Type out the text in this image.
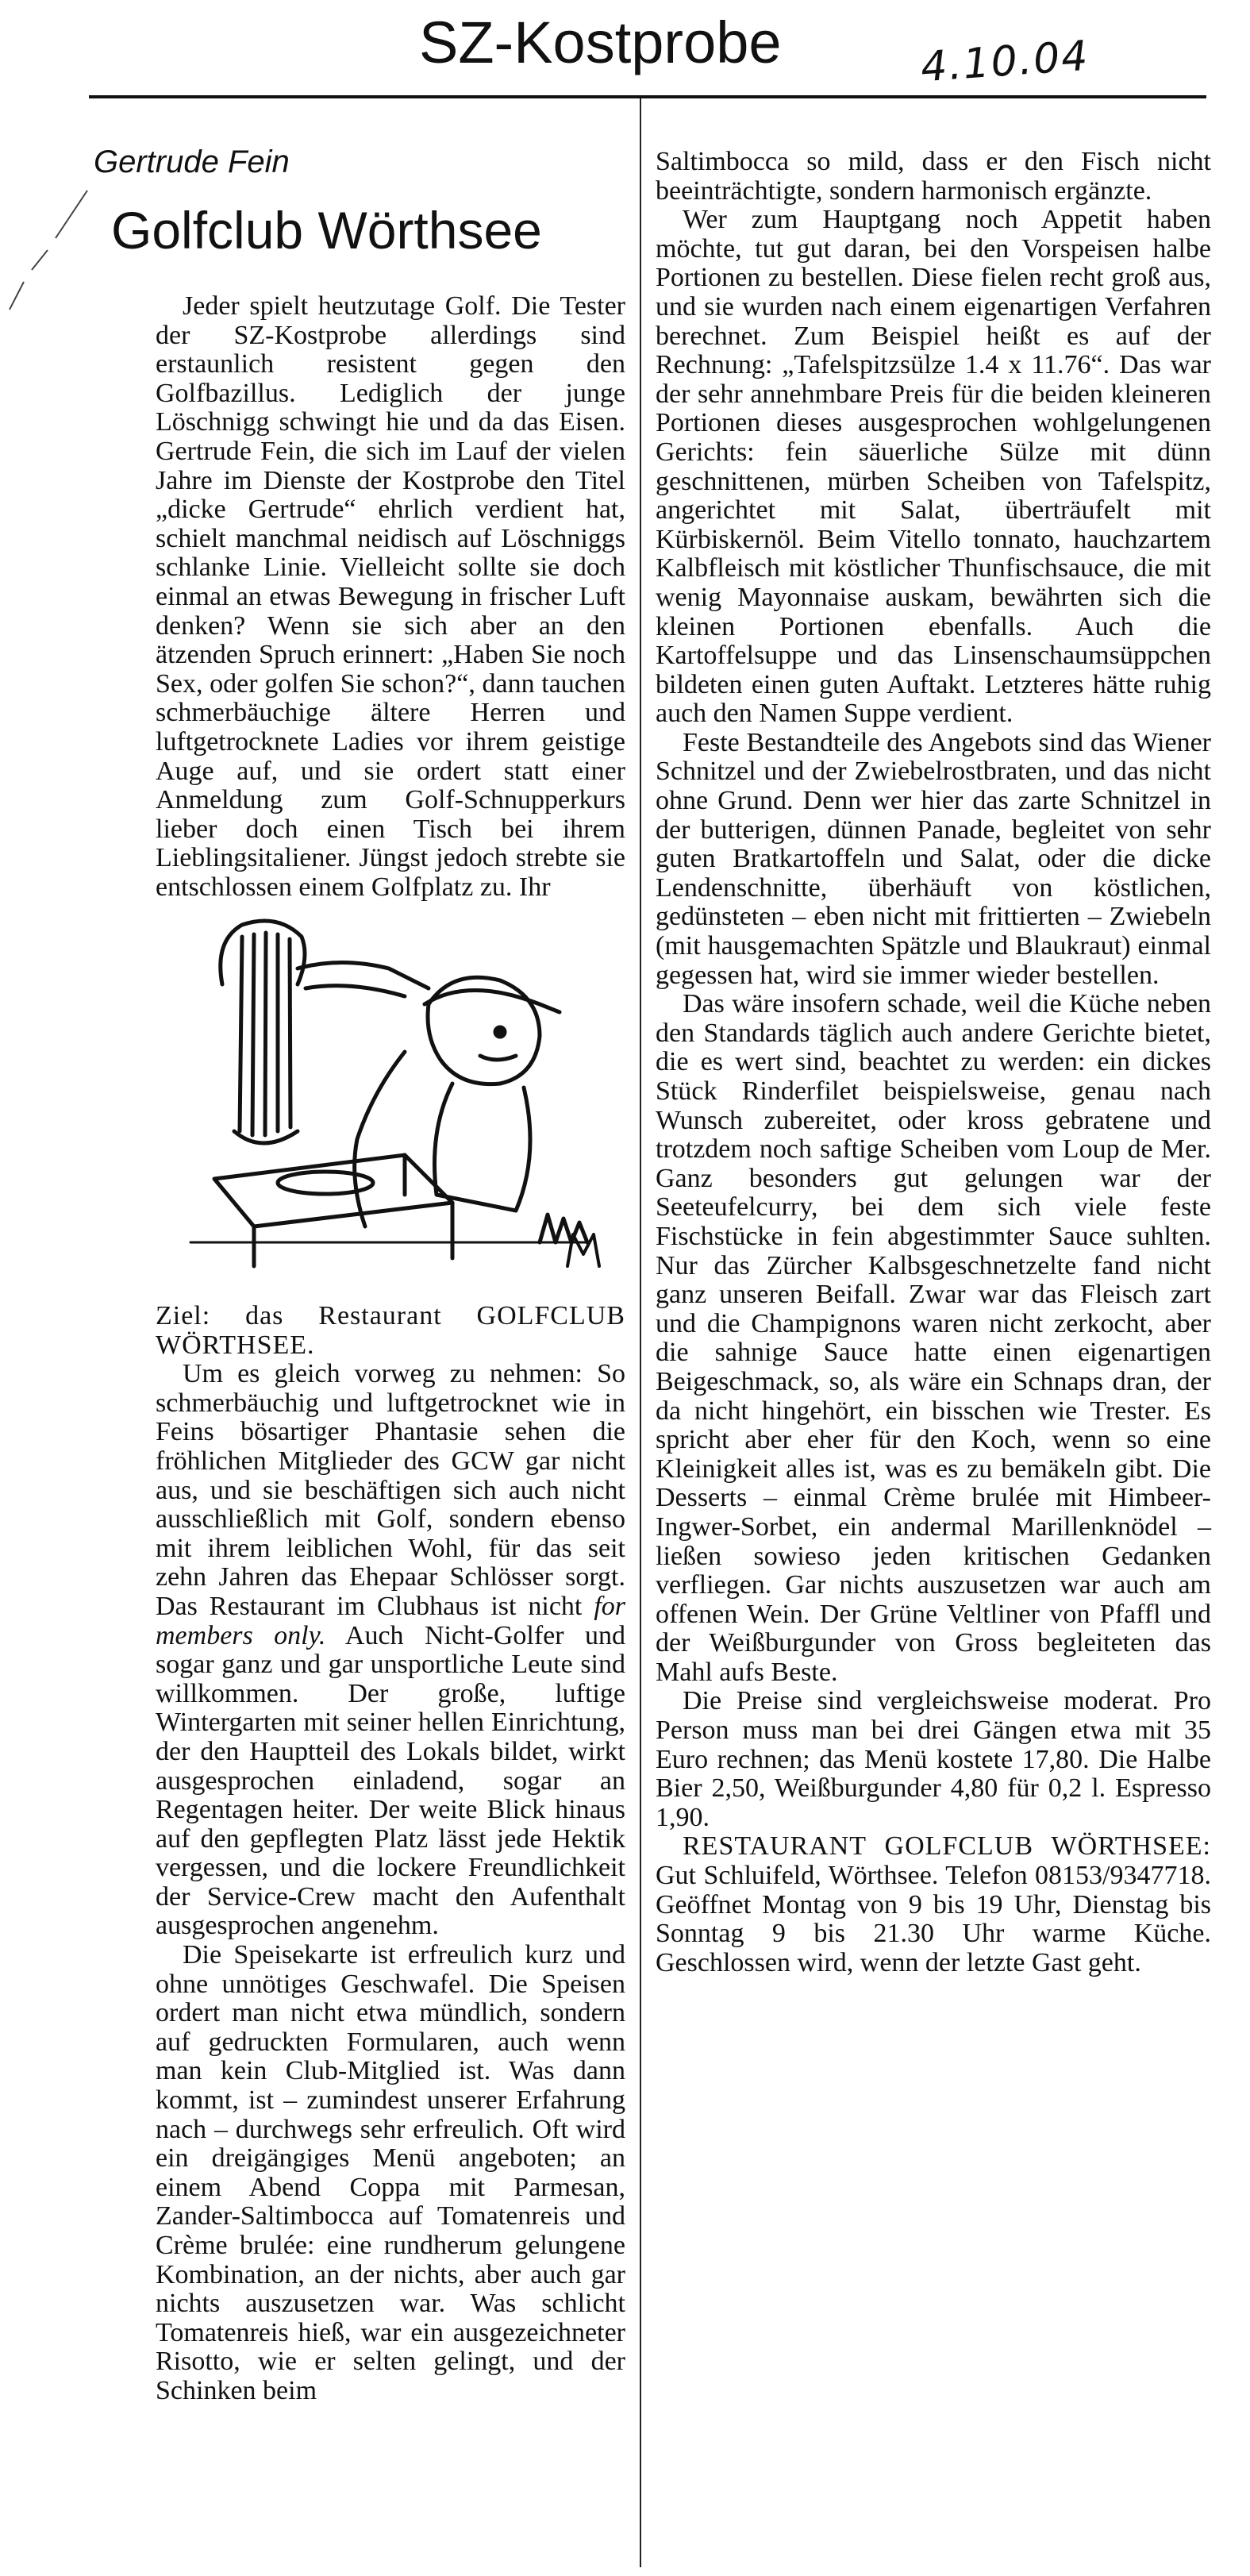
SZ-Kostprobe	4.10.04
Gertrude Fein
Golfclub Wörthsee

Jeder spielt heutzutage Golf. Die Tester der SZ-Kostprobe allerdings sind erstaunlich resistent gegen den Golfbazillus. Lediglich der junge Löschnigg schwingt hie und da das Eisen. Gertrude Fein, die sich im Lauf der vielen Jahre im Dienste der Kostprobe den Titel „dicke Gertrude“ ehrlich verdient hat, schielt manchmal neidisch auf Löschniggs schlanke Linie. Vielleicht sollte sie doch einmal an etwas Bewegung in frischer Luft denken? Wenn sie sich aber an den ätzenden Spruch erinnert: „Haben Sie noch Sex, oder golfen Sie schon?“, dann tauchen schmerbäuchige ältere Herren und luftgetrocknete Ladies vor ihrem geistige Auge auf, und sie ordert statt einer Anmeldung zum Golf-Schnupperkurs lieber doch einen Tisch bei ihrem Lieblingsitaliener. Jüngst jedoch strebte sie entschlossen einem Golfplatz zu. Ihr

Ziel: das Restaurant GOLFCLUB WÖRTHSEE.

Um es gleich vorweg zu nehmen: So schmerbäuchig und luftgetrocknet wie in Feins bösartiger Phantasie sehen die fröhlichen Mitglieder des GCW gar nicht aus, und sie beschäftigen sich auch nicht ausschließlich mit Golf, sondern ebenso mit ihrem leiblichen Wohl, für das seit zehn Jahren das Ehepaar Schlösser sorgt. Das Restaurant im Clubhaus ist nicht for members only. Auch Nicht-Golfer und sogar ganz und gar unsportliche Leute sind willkommen. Der große, luftige Wintergarten mit seiner hellen Einrichtung, der den Hauptteil des Lokals bildet, wirkt ausgesprochen einladend, sogar an Regentagen heiter. Der weite Blick hinaus auf den gepflegten Platz lässt jede Hektik vergessen, und die lockere Freundlichkeit der Service-Crew macht den Aufenthalt ausgesprochen angenehm.

Die Speisekarte ist erfreulich kurz und ohne unnötiges Geschwafel. Die Speisen ordert man nicht etwa mündlich, sondern auf gedruckten Formularen, auch wenn man kein Club-Mitglied ist. Was dann kommt, ist – zumindest unserer Erfahrung nach – durchwegs sehr erfreulich. Oft wird ein dreigängiges Menü angeboten; an einem Abend Coppa mit Parmesan, Zander-Saltimbocca auf Tomatenreis und Crème brulée: eine rundherum gelungene Kombination, an der nichts, aber auch gar nichts auszusetzen war. Was schlicht Tomatenreis hieß, war ein ausgezeichneter Risotto, wie er selten gelingt, und der Schinken beim

Saltimbocca so mild, dass er den Fisch nicht beeinträchtigte, sondern harmonisch ergänzte.

Wer zum Hauptgang noch Appetit haben möchte, tut gut daran, bei den Vorspeisen halbe Portionen zu bestellen. Diese fielen recht groß aus, und sie wurden nach einem eigenartigen Verfahren berechnet. Zum Beispiel heißt es auf der Rechnung: „Tafelspitzsülze 1.4 x 11.76“. Das war der sehr annehmbare Preis für die beiden kleineren Portionen dieses ausgesprochen wohlgelungenen Gerichts: fein säuerliche Sülze mit dünn geschnittenen, mürben Scheiben von Tafelspitz, angerichtet mit Salat, überträufelt mit Kürbiskernöl. Beim Vitello tonnato, hauchzartem Kalbfleisch mit köstlicher Thunfischsauce, die mit wenig Mayonnaise auskam, bewährten sich die kleinen Portionen ebenfalls. Auch die Kartoffelsuppe und das Linsenschaumsüppchen bildeten einen guten Auftakt. Letzteres hätte ruhig auch den Namen Suppe verdient.

Feste Bestandteile des Angebots sind das Wiener Schnitzel und der Zwiebelrostbraten, und das nicht ohne Grund. Denn wer hier das zarte Schnitzel in der butterigen, dünnen Panade, begleitet von sehr guten Bratkartoffeln und Salat, oder die dicke Lendenschnitte, überhäuft von köstlichen, gedünsteten – eben nicht mit frittierten – Zwiebeln (mit hausgemachten Spätzle und Blaukraut) einmal gegessen hat, wird sie immer wieder bestellen.

Das wäre insofern schade, weil die Küche neben den Standards täglich auch andere Gerichte bietet, die es wert sind, beachtet zu werden: ein dickes Stück Rinderfilet beispielsweise, genau nach Wunsch zubereitet, oder kross gebratene und trotzdem noch saftige Scheiben vom Loup de Mer. Ganz besonders gut gelungen war der Seeteufelcurry, bei dem sich viele feste Fischstücke in fein abgestimmter Sauce suhlten. Nur das Zürcher Kalbsgeschnetzelte fand nicht ganz unseren Beifall. Zwar war das Fleisch zart und die Champignons waren nicht zerkocht, aber die sahnige Sauce hatte einen eigenartigen Beigeschmack, so, als wäre ein Schnaps dran, der da nicht hingehört, ein bisschen wie Trester. Es spricht aber eher für den Koch, wenn so eine Kleinigkeit alles ist, was es zu bemäkeln gibt. Die Desserts – einmal Crème brulée mit Himbeer-Ingwer-Sorbet, ein andermal Marillenknödel – ließen sowieso jeden kritischen Gedanken verfliegen. Gar nichts auszusetzen war auch am offenen Wein. Der Grüne Veltliner von Pfaffl und der Weißburgunder von Gross begleiteten das Mahl aufs Beste.

Die Preise sind vergleichsweise moderat. Pro Person muss man bei drei Gängen etwa mit 35 Euro rechnen; das Menü kostete 17,80. Die Halbe Bier 2,50, Weißburgunder 4,80 für 0,2 l. Espresso 1,90.

RESTAURANT GOLFCLUB WÖRTHSEE: Gut Schluifeld, Wörthsee. Telefon 08153/9347718. Geöffnet Montag von 9 bis 19 Uhr, Dienstag bis Sonntag 9 bis 21.30 Uhr warme Küche. Geschlossen wird, wenn der letzte Gast geht.
